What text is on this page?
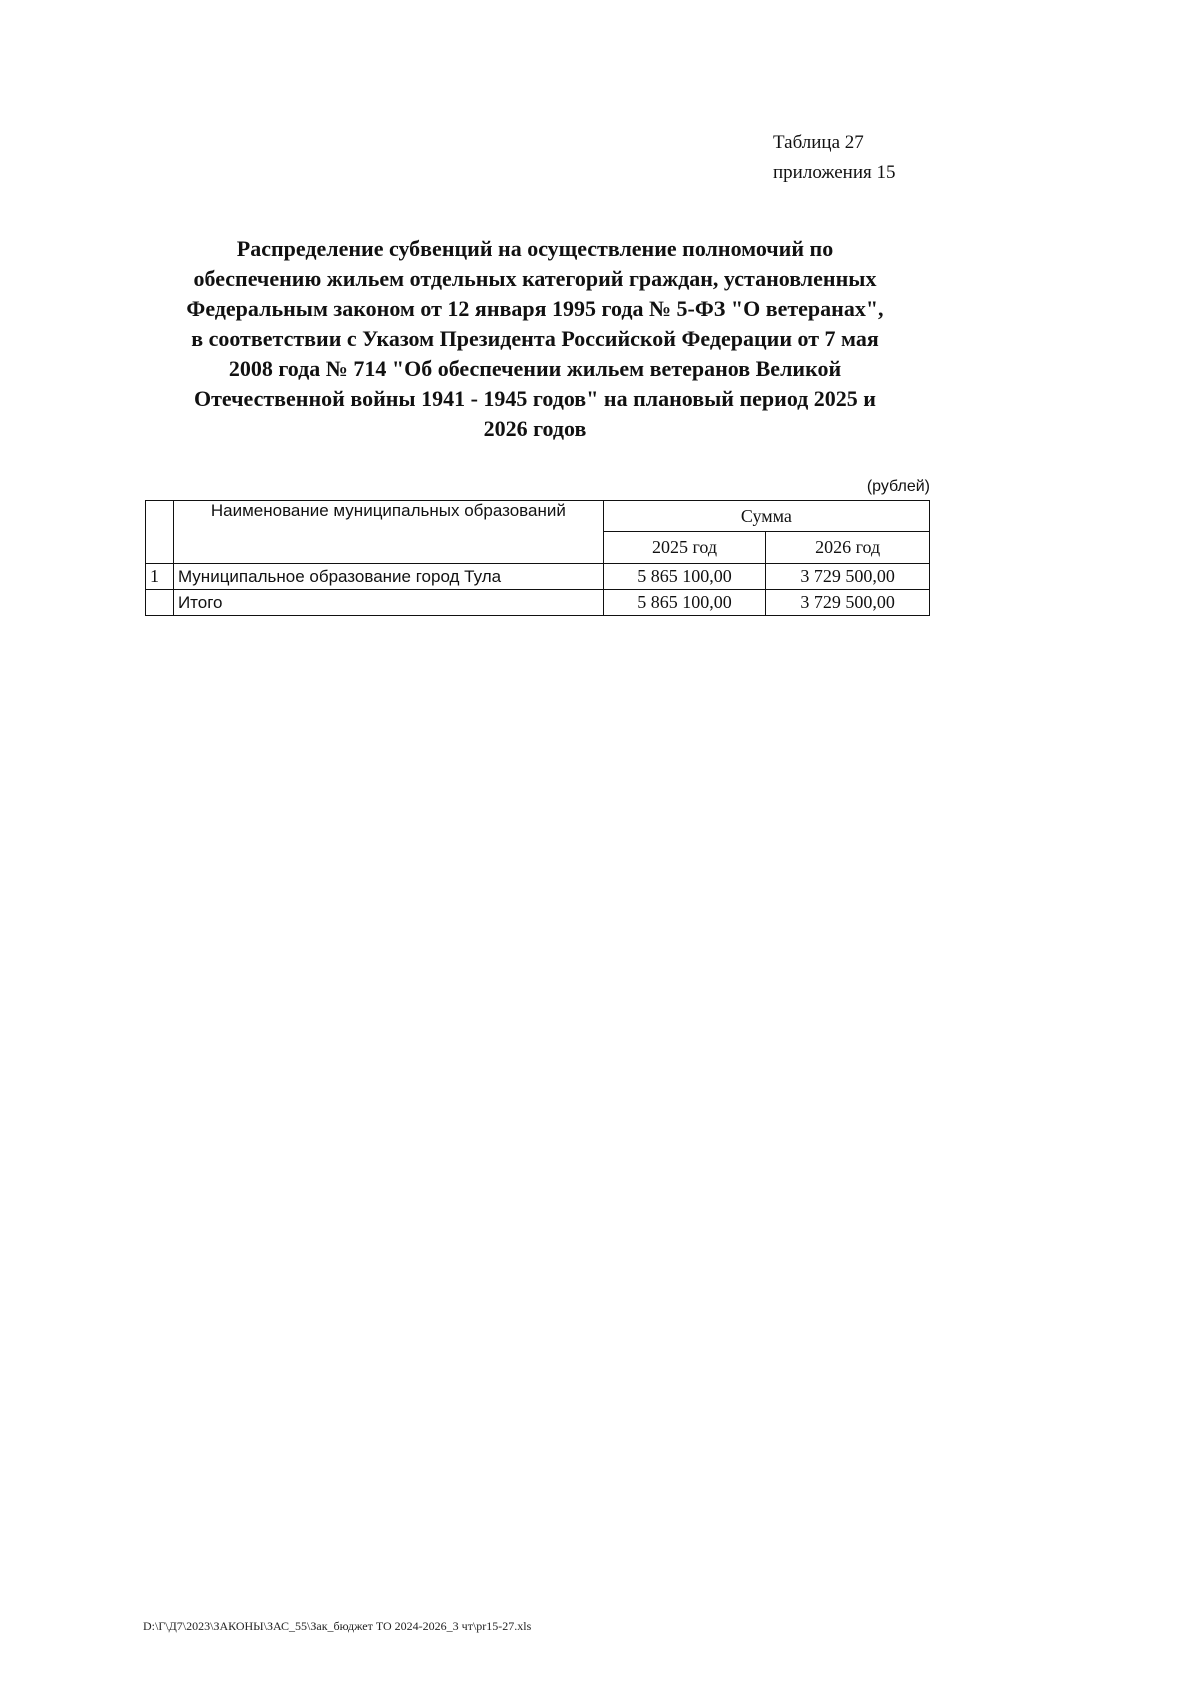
Таблица 27
приложения 15
Распределение субвенций на осуществление полномочий по
обеспечению жильем отдельных категорий граждан, установленных
Федеральным законом от 12 января 1995 года № 5-ФЗ "О ветеранах",
в соответствии с Указом Президента Российской Федерации от 7 мая
2008 года № 714 "Об обеспечении жильем ветеранов Великой
Отечественной войны 1941 - 1945 годов" на плановый период 2025 и
2026 годов
(рублей)
	Наименование муниципальных образований	Сумма	
		2025 год	2026 год
1	Муниципальное образование город Тула	5 865 100,00	3 729 500,00
	Итого	5 865 100,00	3 729 500,00
D:\Г\Д7\2023\ЗАКОНЫ\ЗАС_55\Зак_бюджет ТО 2024-2026_3 чт\pr15-27.xls
